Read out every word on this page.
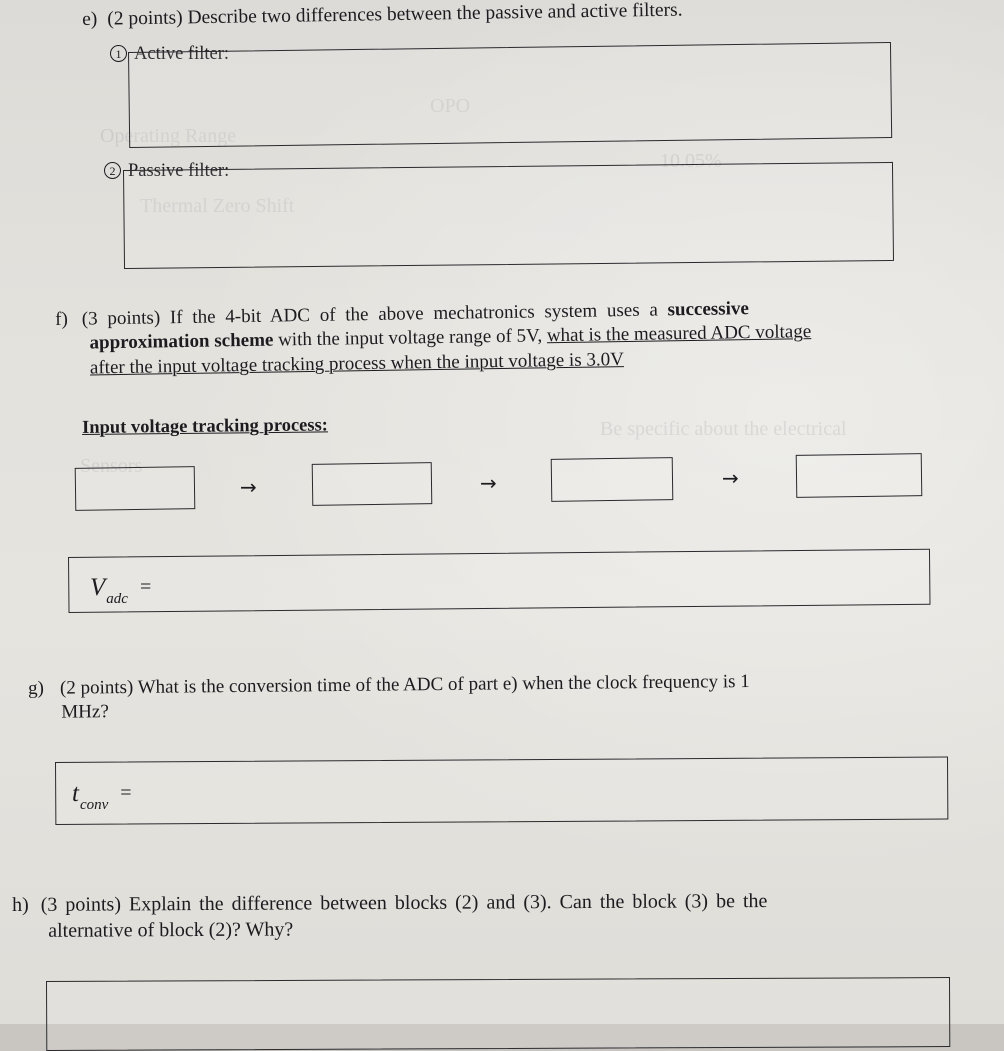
OPO
Operating Range
10.05%
Thermal Zero Shift
Sensors
Be specific about the electrical
e) (2 points) Describe two differences between the passive and active filters.
1 Active filter:
2 Passive filter:
f) (3 points) If the 4-bit ADC of the above mechatronics system uses a successive
approximation scheme with the input voltage range of 5V, what is the measured ADC voltage
after the input voltage tracking process when the input voltage is 3.0V
Input voltage tracking process:
→	→	→
$V_{adc}=$
g) (2 points) What is the conversion time of the ADC of part e) when the clock frequency is 1
MHz?
$t_{conv}=$
h) (3 points) Explain the difference between blocks (2) and (3). Can the block (3) be the
alternative of block (2)? Why?
